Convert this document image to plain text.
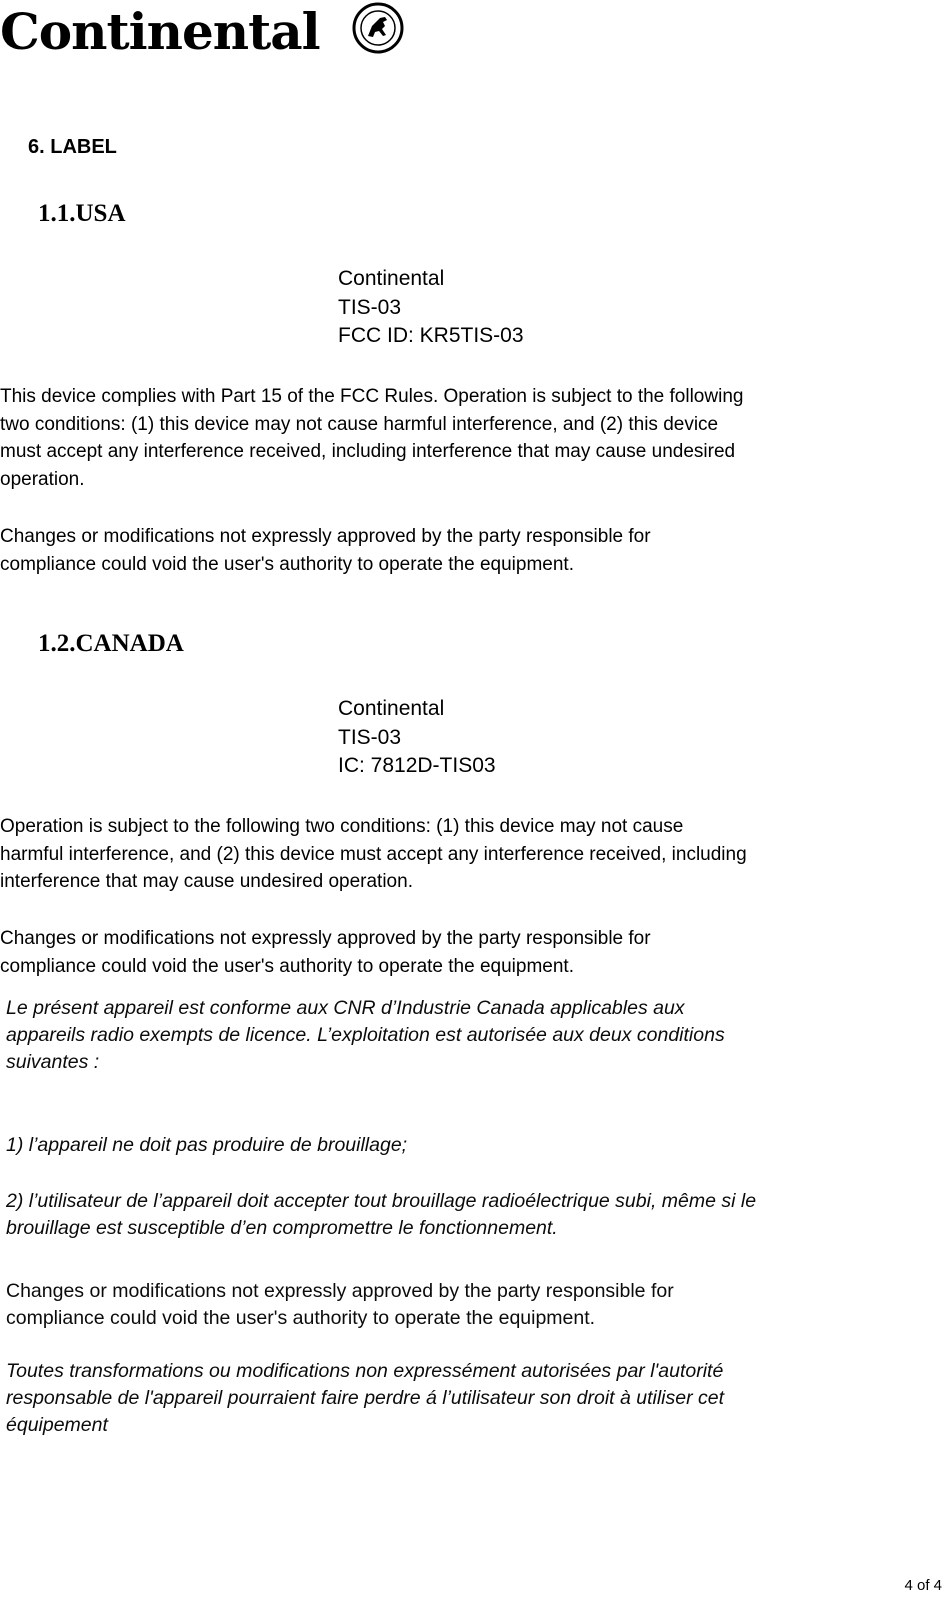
Continental
6. LABEL
1.1.USA
Continental
TIS-03
FCC ID: KR5TIS-03
This device complies with Part 15 of the FCC Rules. Operation is subject to the following
two conditions: (1) this device may not cause harmful interference, and (2) this device
must accept any interference received, including interference that may cause undesired
operation.
Changes or modifications not expressly approved by the party responsible for
compliance could void the user's authority to operate the equipment.
1.2.CANADA
Continental
TIS-03
IC: 7812D-TIS03
Operation is subject to the following two conditions: (1) this device may not cause
harmful interference, and (2) this device must accept any interference received, including
interference that may cause undesired operation.
Changes or modifications not expressly approved by the party responsible for
compliance could void the user's authority to operate the equipment.
Le présent appareil est conforme aux CNR d’Industrie Canada applicables aux
appareils radio exempts de licence. L’exploitation est autorisée aux deux conditions
suivantes :
1) l’appareil ne doit pas produire de brouillage;
2) l’utilisateur de l’appareil doit accepter tout brouillage radioélectrique subi, même si le
brouillage est susceptible d’en compromettre le fonctionnement.
Changes or modifications not expressly approved by the party responsible for
compliance could void the user's authority to operate the equipment.
Toutes transformations ou modifications non expressément autorisées par l'autorité
responsable de l'appareil pourraient faire perdre á l’utilisateur son droit à utiliser cet
équipement
4 of 4
